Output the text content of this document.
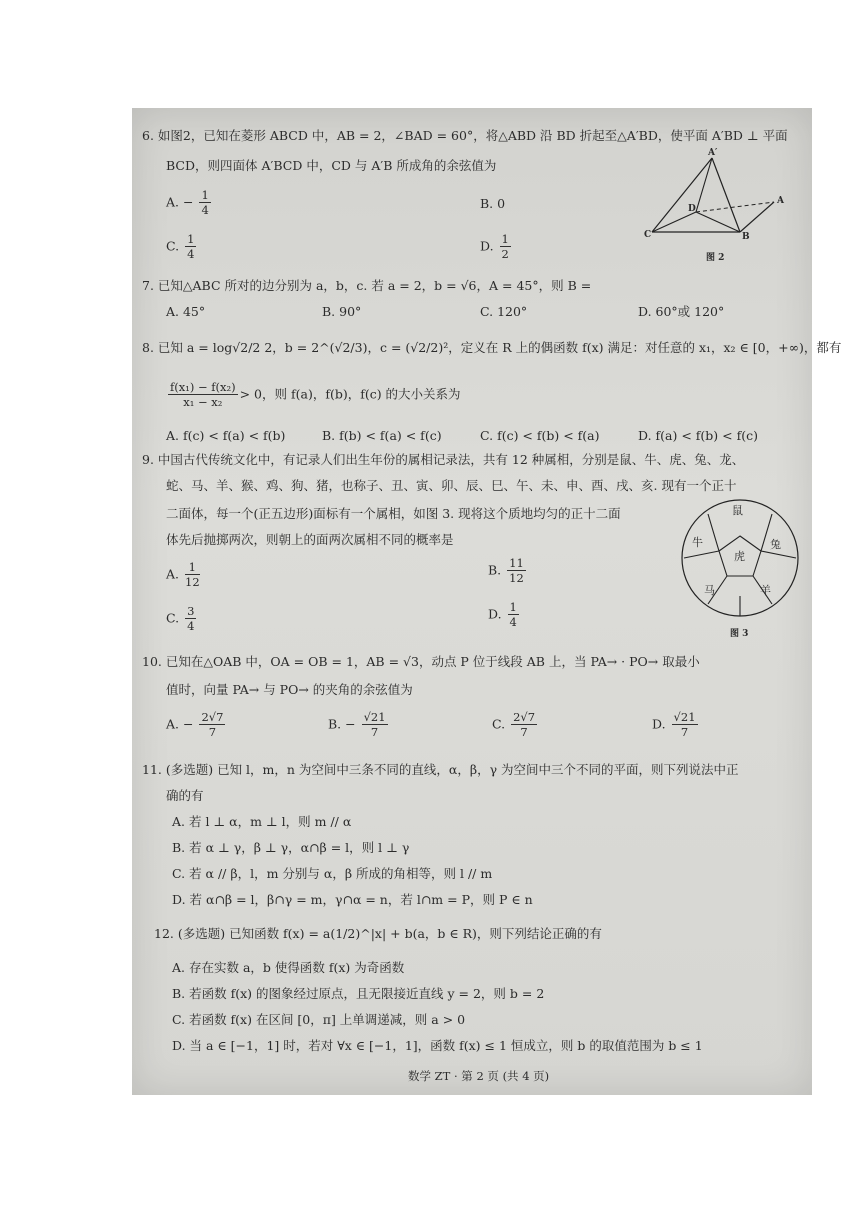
6. 如图2，已知在菱形 ABCD 中，AB = 2，∠BAD = 60°，将△ABD 沿 BD 折起至△A′BD，使平面 A′BD ⊥ 平面
BCD，则四面体 A′BCD 中，CD 与 A′B 所成角的余弦值为
A. − $\frac{1}{4}$	B. 0
C. $\frac{1}{4}$	D. $\frac{1}{2}$
A′
A
B
C
D
图 2
7. 已知△ABC 所对的边分别为 a，b，c. 若 a = 2，b = √6，A = 45°，则 B =
A. 45°	B. 90°	C. 120°	D. 60°或 120°
8. 已知 a = log√2/2 2，b = 2^(√2/3)，c = (√2/2)²，定义在 R 上的偶函数 f(x) 满足：对任意的 x₁，x₂ ∈ [0，+∞)，都有
$\frac{\text{f(x₁) − f(x₂)}}{\text{x₁ − x₂}} > 0$，则 f(a)，f(b)，f(c) 的大小关系为
A. f(c) < f(a) < f(b)	B. f(b) < f(a) < f(c)	C. f(c) < f(b) < f(a)	D. f(a) < f(b) < f(c)
9. 中国古代传统文化中，有记录人们出生年份的属相记录法，共有 12 种属相，分别是鼠、牛、虎、兔、龙、
蛇、马、羊、猴、鸡、狗、猪，也称子、丑、寅、卯、辰、巳、午、未、申、酉、戌、亥. 现有一个正十
二面体，每一个(正五边形)面标有一个属相，如图 3. 现将这个质地均匀的正十二面
体先后抛掷两次，则朝上的面两次属相不同的概率是
A. $\frac{1}{12}$	B. $\frac{11}{12}$
C. $\frac{3}{4}$	D. $\frac{1}{4}$
鼠
牛
虎
兔
马	羊
图 3
10. 已知在△OAB 中，OA = OB = 1，AB = √3，动点 P 位于线段 AB 上，当 PA→ · PO→ 取最小
值时，向量 PA→ 与 PO→ 的夹角的余弦值为
A. − $\frac{2√7}{7}$	B. − $\frac{√21}{7}$	C. $\frac{2√7}{7}$	D. $\frac{√21}{7}$
11. (多选题) 已知 l，m，n 为空间中三条不同的直线，α，β，γ 为空间中三个不同的平面，则下列说法中正
确的有
A. 若 l ⊥ α，m ⊥ l，则 m // α
B. 若 α ⊥ γ，β ⊥ γ，α∩β = l，则 l ⊥ γ
C. 若 α // β，l，m 分别与 α，β 所成的角相等，则 l // m
D. 若 α∩β = l，β∩γ = m，γ∩α = n，若 l∩m = P，则 P ∈ n
12. (多选题) 已知函数 f(x) = a(1/2)^|x| + b(a，b ∈ R)，则下列结论正确的有
A. 存在实数 a，b 使得函数 f(x) 为奇函数
B. 若函数 f(x) 的图象经过原点，且无限接近直线 y = 2，则 b = 2
C. 若函数 f(x) 在区间 [0，π] 上单调递减，则 a > 0
D. 当 a ∈ [−1，1] 时，若对 ∀x ∈ [−1，1]，函数 f(x) ≤ 1 恒成立，则 b 的取值范围为 b ≤ 1
数学 ZT · 第 2 页 (共 4 页)
